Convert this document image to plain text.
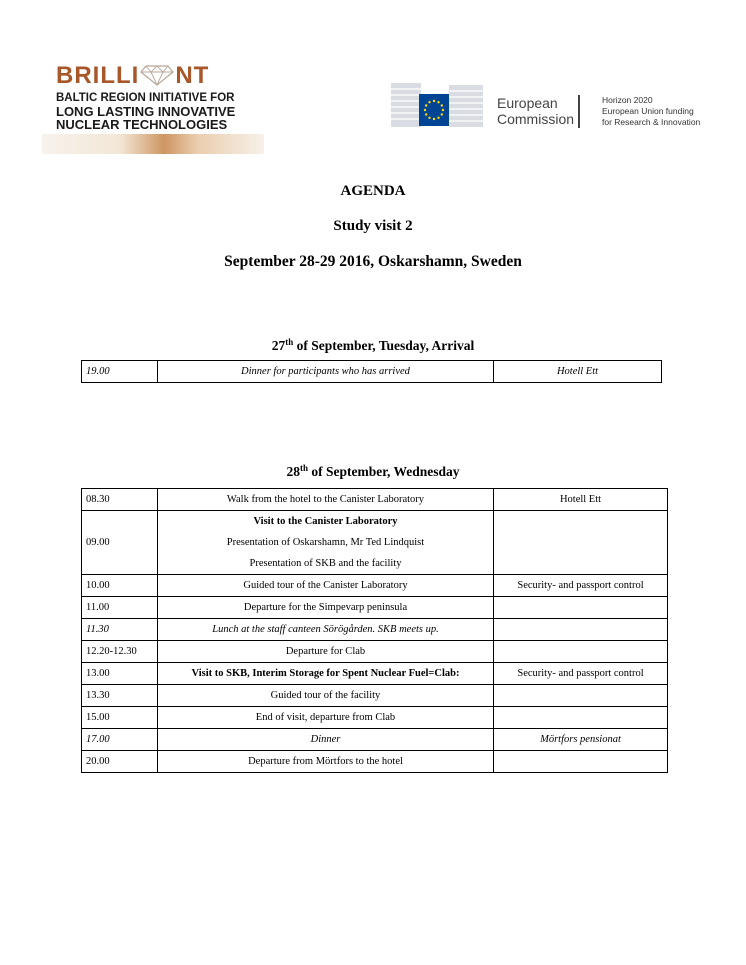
BRILLI NT
BALTIC REGION INITIATIVE FOR
LONG LASTING INNOVATIVE
NUCLEAR TECHNOLOGIES
European
Commission
Horizon 2020
European Union funding
for Research & Innovation
AGENDA
Study visit 2
September 28-29 2016, Oskarshamn, Sweden
27th of September, Tuesday, Arrival
19.00	Dinner for participants who has arrived	Hotell Ett
28th of September, Wednesday
08.30	Walk from the hotel to the Canister Laboratory	Hotell Ett
09.00	Visit to the Canister Laboratory
Presentation of Oskarshamn, Mr Ted Lindquist
Presentation of SKB and the facility	

10.00	Guided tour of the Canister Laboratory	Security- and passport control
11.00	Departure for the Simpevarp peninsula	
11.30	Lunch at the staff canteen Sörögården. SKB meets up.	
12.20-12.30	Departure for Clab	
13.00	Visit to SKB, Interim Storage for Spent Nuclear Fuel=Clab:	Security- and passport control
13.30	Guided tour of the facility	
15.00	End of visit, departure from Clab	
17.00	Dinner	Mörtfors pensionat
20.00	Departure from Mörtfors to the hotel	
